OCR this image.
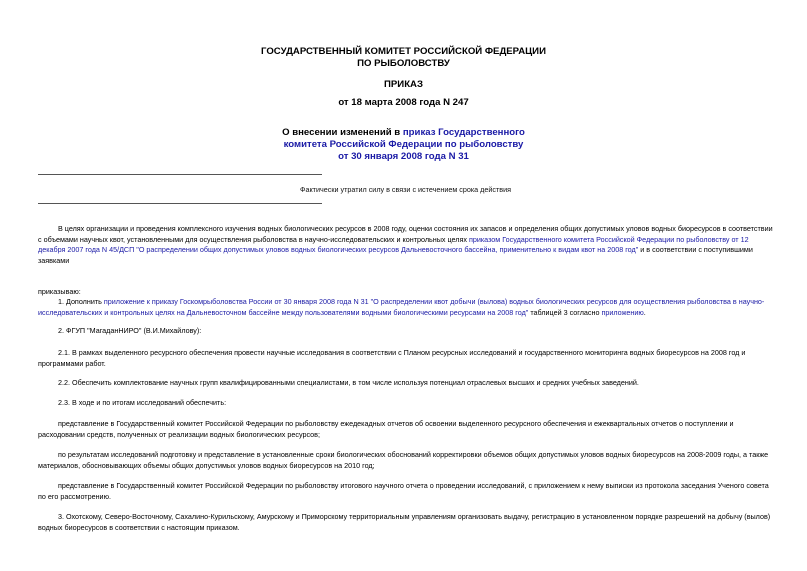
ГОСУДАРСТВЕННЫЙ КОМИТЕТ РОССИЙСКОЙ ФЕДЕРАЦИИ
ПО РЫБОЛОВСТВУ
ПРИКАЗ
от 18 марта 2008 года N 247
О внесении изменений в приказ Государственного
комитета Российской Федерации по рыболовству
от 30 января 2008 года N 31
Фактически утратил силу в связи с истечением срока действия
В целях организации и проведения комплексного изучения водных биологических ресурсов в 2008 году, оценки состояния их запасов и определения общих допустимых уловов водных биоресурсов в соответствии
с объемами научных квот, установленными для осуществления рыболовства в научно-исследовательских и контрольных целях приказом Государственного комитета Российской Федерации по рыболовству от 12
декабря 2007 года N 45/ДСП "О распределении общих допустимых уловов водных биологических ресурсов Дальневосточного бассейна, применительно к видам квот на 2008 год" и в соответствии с поступившими
заявками
приказываю:
1. Дополнить приложение к приказу Госкомрыболовства России от 30 января 2008 года N 31 "О распределении квот добычи (вылова) водных биологических ресурсов для осуществления рыболовства в научно-
исследовательских и контрольных целях на Дальневосточном бассейне между пользователями водными биологическими ресурсами на 2008 год" таблицей 3 согласно приложению.
2. ФГУП "МагаданНИРО" (В.И.Михайлову):
2.1. В рамках выделенного ресурсного обеспечения провести научные исследования в соответствии с Планом ресурсных исследований и государственного мониторинга водных биоресурсов на 2008 год и
программами работ.
2.2. Обеспечить комплектование научных групп квалифицированными специалистами, в том числе используя потенциал отраслевых высших и средних учебных заведений.
2.3. В ходе и по итогам исследований обеспечить:
представление в Государственный комитет Российской Федерации по рыболовству ежедекадных отчетов об освоении выделенного ресурсного обеспечения и ежеквартальных отчетов о поступлении и
расходовании средств, полученных от реализации водных биологических ресурсов;
по результатам исследований подготовку и представление в установленные сроки биологических обоснований корректировки объемов общих допустимых уловов водных биоресурсов на 2008-2009 годы, а также
материалов, обосновывающих объемы общих допустимых уловов водных биоресурсов на 2010 год;
представление в Государственный комитет Российской Федерации по рыболовству итогового научного отчета о проведении исследований, с приложением к нему выписки из протокола заседания Ученого совета
по его рассмотрению.
3. Охотскому, Северо-Восточному, Сахалино-Курильскому, Амурскому и Приморскому территориальным управлениям организовать выдачу, регистрацию в установленном порядке разрешений на добычу (вылов)
водных биоресурсов в соответствии с настоящим приказом.
